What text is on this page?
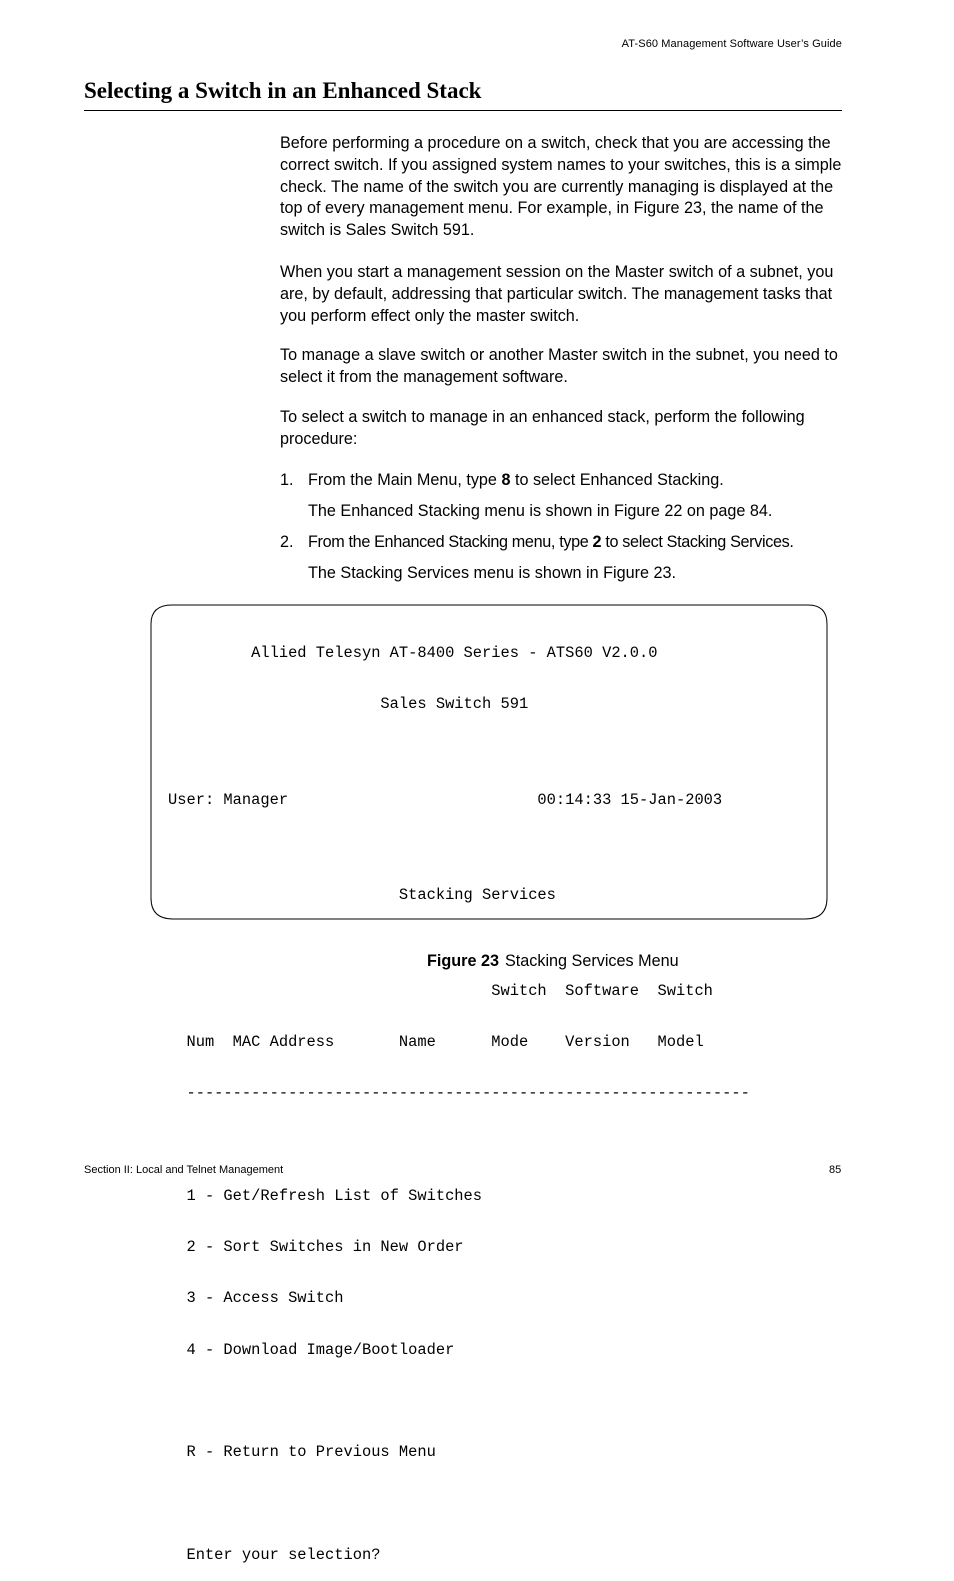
AT-S60 Management Software User’s Guide
Selecting a Switch in an Enhanced Stack

Before performing a procedure on a switch, check that you are accessing the correct switch. If you assigned system names to your switches, this is a simple check. The name of the switch you are currently managing is displayed at the top of every management menu. For example, in Figure 23, the name of the switch is Sales Switch 591.

When you start a management session on the Master switch of a subnet, you are, by default, addressing that particular switch. The management tasks that you perform effect only the master switch.

To manage a slave switch or another Master switch in the subnet, you need to select it from the management software.

To select a switch to manage in an enhanced stack, perform the following procedure:

1. From the Main Menu, type 8 to select Enhanced Stacking.
The Enhanced Stacking menu is shown in Figure 22 on page 84.
2. From the Enhanced Stacking menu, type 2 to select Stacking Services.
The Stacking Services menu is shown in Figure 23.

Allied Telesyn AT-8400 Series - ATS60 V2.0.0

Sales Switch 591

User: Manager                           00:14:33 15-Jan-2003

Stacking Services

Switch  Software  Switch

Num  MAC Address       Name      Mode    Version   Model

-------------------------------------------------------------

1 - Get/Refresh List of Switches

2 - Sort Switches in New Order

3 - Access Switch

4 - Download Image/Bootloader

R - Return to Previous Menu

Enter your selection?

Figure 23 Stacking Services Menu
Section II: Local and Telnet Management	85
